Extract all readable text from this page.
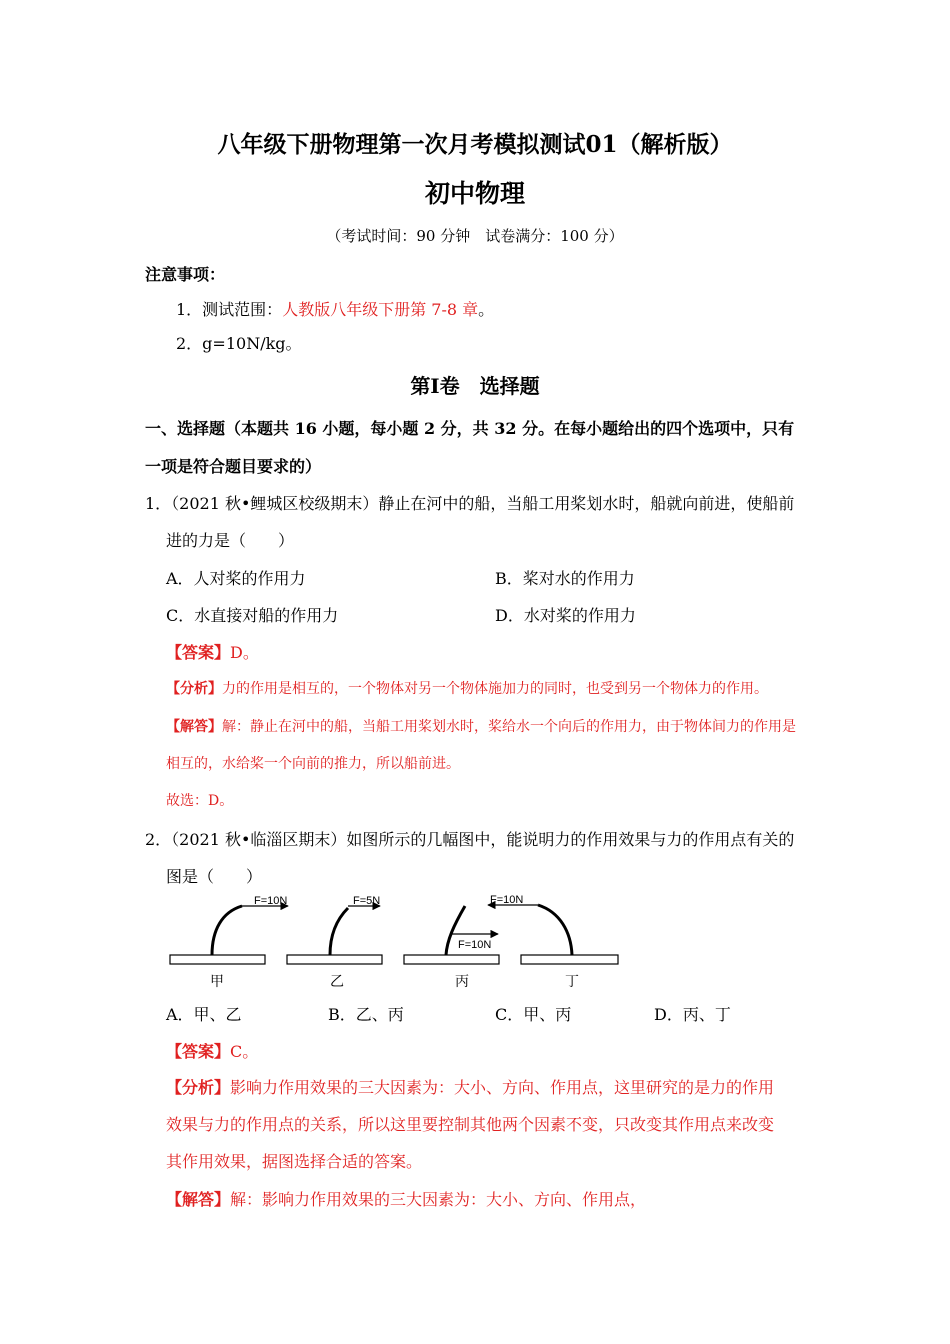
八年级下册物理第一次月考模拟测试01（解析版）
初中物理
（考试时间：90 分钟　试卷满分：100 分）
注意事项：
1．测试范围：人教版八年级下册第 7-8 章。
2．g=10N/kg。
第Ⅰ卷　选择题
一、选择题（本题共 16 小题，每小题 2 分，共 32 分。在每小题给出的四个选项中，只有
一项是符合题目要求的）
1．（2021 秋•鲤城区校级期末）静止在河中的船，当船工用桨划水时，船就向前进，使船前
进的力是（　　）
A．人对桨的作用力	B．桨对水的作用力
C．水直接对船的作用力	D．水对桨的作用力
【答案】D。
【分析】力的作用是相互的，一个物体对另一个物体施加力的同时，也受到另一个物体力的作用。
【解答】解：静止在河中的船，当船工用桨划水时，桨给水一个向后的作用力，由于物体间力的作用是
相互的，水给桨一个向前的推力，所以船前进。
故选：D。
2．（2021 秋•临淄区期末）如图所示的几幅图中，能说明力的作用效果与力的作用点有关的
图是（　　）
F=10N
甲
F=5N
乙
F=10N
丙
F=10N
丁
A．甲、乙	B．乙、丙	C．甲、丙	D．丙、丁
【答案】C。
【分析】影响力作用效果的三大因素为：大小、方向、作用点，这里研究的是力的作用
效果与力的作用点的关系，所以这里要控制其他两个因素不变，只改变其作用点来改变
其作用效果，据图选择合适的答案。
【解答】解：影响力作用效果的三大因素为：大小、方向、作用点，
